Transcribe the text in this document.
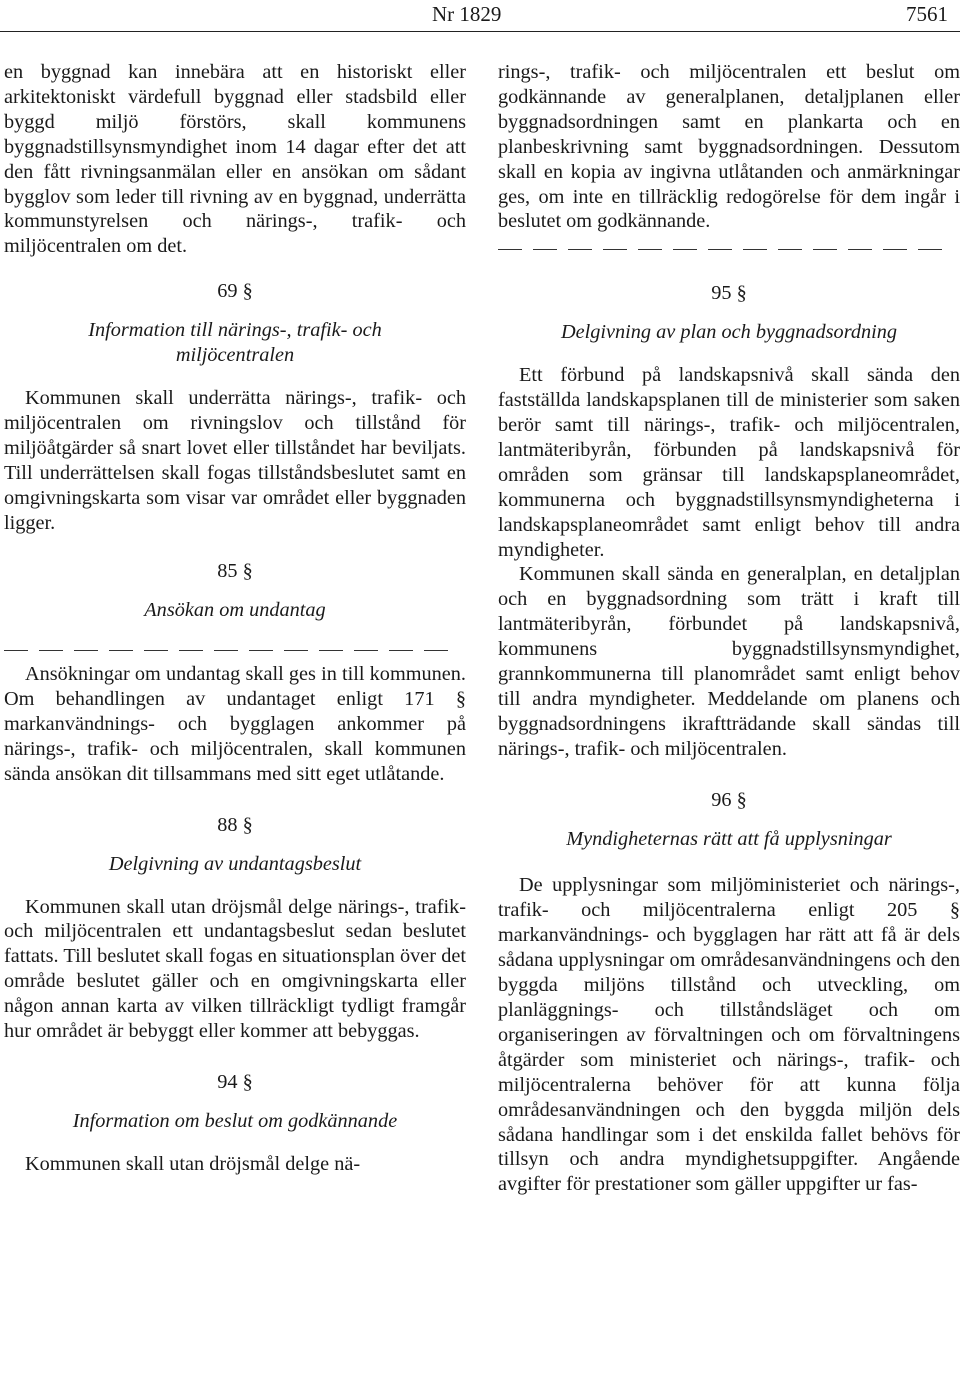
Nr 1829	7561

en byggnad kan innebära att en historiskt eller arkitektoniskt värdefull byggnad eller stadsbild eller byggd miljö förstörs, skall kommunens byggnadstillsynsmyndighet inom 14 dagar efter det att den fått rivningsanmälan eller en ansökan om sådant bygglov som leder till rivning av en byggnad, underrätta kommunstyrelsen och närings-, trafik- och miljöcentralen om det.

69 §
Information till närings-, trafik- och miljöcentralen

Kommunen skall underrätta närings-, trafik- och miljöcentralen om rivningslov och tillstånd för miljöåtgärder så snart lovet eller tillståndet har beviljats. Till underrättelsen skall fogas tillståndsbeslutet samt en omgivningskarta som visar var området eller byggnaden ligger.

85 §
Ansökan om undantag

Ansökningar om undantag skall ges in till kommunen. Om behandlingen av undantaget enligt 171 § markanvändnings- och bygglagen ankommer på närings-, trafik- och miljöcentralen, skall kommunen sända ansökan dit tillsammans med sitt eget utlåtande.

88 §
Delgivning av undantagsbeslut

Kommunen skall utan dröjsmål delge närings-, trafik- och miljöcentralen ett undantagsbeslut sedan beslutet fattats. Till beslutet skall fogas en situationsplan över det område beslutet gäller och en omgivningskarta eller någon annan karta av vilken tillräckligt tydligt framgår hur området är bebyggt eller kommer att bebyggas.

94 §
Information om beslut om godkännande

Kommunen skall utan dröjsmål delge nä-

rings-, trafik- och miljöcentralen ett beslut om godkännande av generalplanen, detaljplanen eller byggnadsordningen samt en plankarta och en planbeskrivning samt byggnadsordningen. Dessutom skall en kopia av ingivna utlåtanden och anmärkningar ges, om inte en tillräcklig redogörelse för dem ingår i beslutet om godkännande.

95 §
Delgivning av plan och byggnadsordning

Ett förbund på landskapsnivå skall sända den fastställda landskapsplanen till de ministerier som saken berör samt till närings-, trafik- och miljöcentralen, lantmäteribyrån, förbunden på landskapsnivå för områden som gränsar till landskapsplaneområdet, kommunerna och byggnadstillsynsmyndigheterna i landskapsplaneområdet samt enligt behov till andra myndigheter.

Kommunen skall sända en generalplan, en detaljplan och en byggnadsordning som trätt i kraft till lantmäteribyrån, förbundet på landskapsnivå, kommunens byggnadstillsynsmyndighet, grannkommunerna till planområdet samt enligt behov till andra myndigheter. Meddelande om planens och byggnadsordningens ikraftträdande skall sändas till närings-, trafik- och miljöcentralen.

96 §
Myndigheternas rätt att få upplysningar

De upplysningar som miljöministeriet och närings-, trafik- och miljöcentralerna enligt 205 § markanvändnings- och bygglagen har rätt att få är dels sådana upplysningar om områdesanvändningens och den byggda miljöns tillstånd och utveckling, om planläggnings- och tillståndsläget och om organiseringen av förvaltningen och om förvaltningens åtgärder som ministeriet och närings-, trafik- och miljöcentralerna behöver för att kunna följa områdesanvändningen och den byggda miljön dels sådana handlingar som i det enskilda fallet behövs för tillsyn och andra myndighetsuppgifter. Angående avgifter för prestationer som gäller uppgifter ur fas-
